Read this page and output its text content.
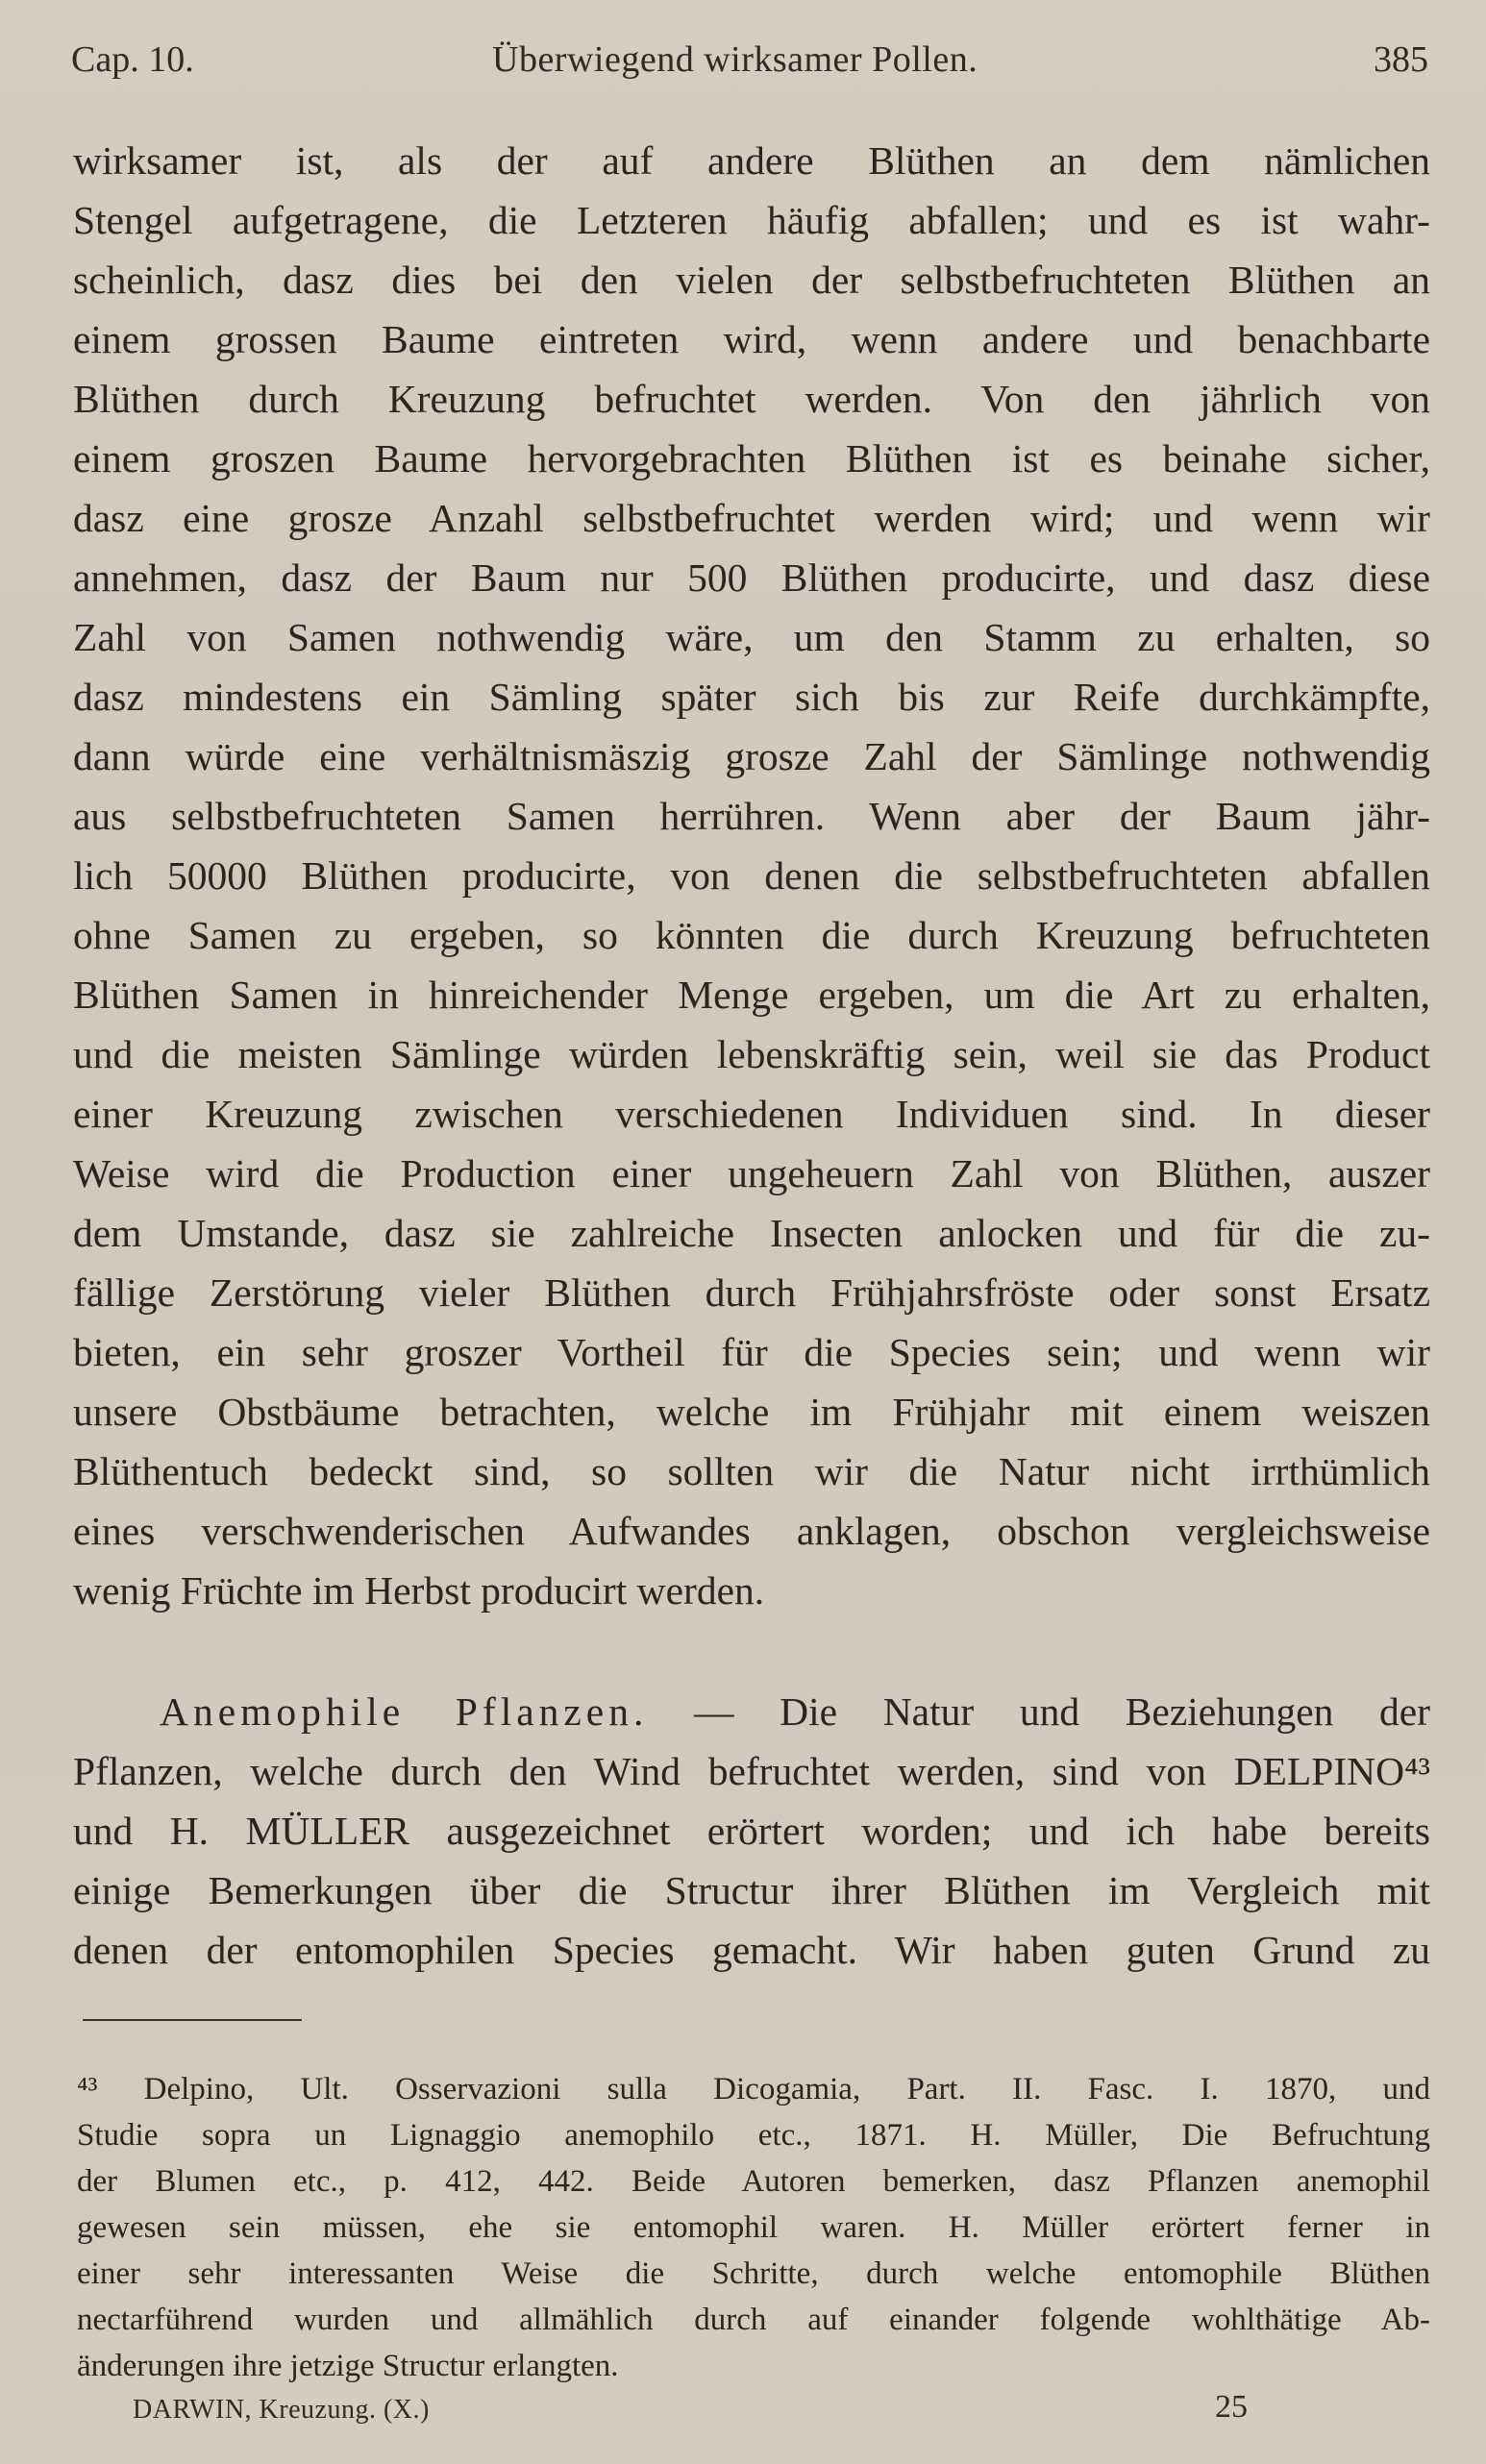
Cap. 10.	Überwiegend wirksamer Pollen.	385
wirksamer ist, als der auf andere Blüthen an dem nämlichen
Stengel aufgetragene, die Letzteren häufig abfallen; und es ist wahr-
scheinlich, dasz dies bei den vielen der selbstbefruchteten Blüthen an
einem grossen Baume eintreten wird, wenn andere und benachbarte
Blüthen durch Kreuzung befruchtet werden. Von den jährlich von
einem groszen Baume hervorgebrachten Blüthen ist es beinahe sicher,
dasz eine grosze Anzahl selbstbefruchtet werden wird; und wenn wir
annehmen, dasz der Baum nur 500 Blüthen producirte, und dasz diese
Zahl von Samen nothwendig wäre, um den Stamm zu erhalten, so
dasz mindestens ein Sämling später sich bis zur Reife durchkämpfte,
dann würde eine verhältnismäszig grosze Zahl der Sämlinge nothwendig
aus selbstbefruchteten Samen herrühren. Wenn aber der Baum jähr-
lich 50000 Blüthen producirte, von denen die selbstbefruchteten abfallen
ohne Samen zu ergeben, so könnten die durch Kreuzung befruchteten
Blüthen Samen in hinreichender Menge ergeben, um die Art zu erhalten,
und die meisten Sämlinge würden lebenskräftig sein, weil sie das Product
einer Kreuzung zwischen verschiedenen Individuen sind. In dieser
Weise wird die Production einer ungeheuern Zahl von Blüthen, auszer
dem Umstande, dasz sie zahlreiche Insecten anlocken und für die zu-
fällige Zerstörung vieler Blüthen durch Frühjahrsfröste oder sonst Ersatz
bieten, ein sehr groszer Vortheil für die Species sein; und wenn wir
unsere Obstbäume betrachten, welche im Frühjahr mit einem weiszen
Blüthentuch bedeckt sind, so sollten wir die Natur nicht irrthümlich
eines verschwenderischen Aufwandes anklagen, obschon vergleichsweise
wenig Früchte im Herbst producirt werden.
Anemophile Pflanzen. — Die Natur und Beziehungen der
Pflanzen, welche durch den Wind befruchtet werden, sind von DELPINO⁴³
und H. MÜLLER ausgezeichnet erörtert worden; und ich habe bereits
einige Bemerkungen über die Structur ihrer Blüthen im Vergleich mit
denen der entomophilen Species gemacht. Wir haben guten Grund zu
⁴³ Delpino, Ult. Osservazioni sulla Dicogamia, Part. II. Fasc. I. 1870, und
Studie sopra un Lignaggio anemophilo etc., 1871. H. Müller, Die Befruchtung
der Blumen etc., p. 412, 442. Beide Autoren bemerken, dasz Pflanzen anemophil
gewesen sein müssen, ehe sie entomophil waren. H. Müller erörtert ferner in
einer sehr interessanten Weise die Schritte, durch welche entomophile Blüthen
nectarführend wurden und allmählich durch auf einander folgende wohlthätige Ab-
änderungen ihre jetzige Structur erlangten.
DARWIN, Kreuzung. (X.)	25
